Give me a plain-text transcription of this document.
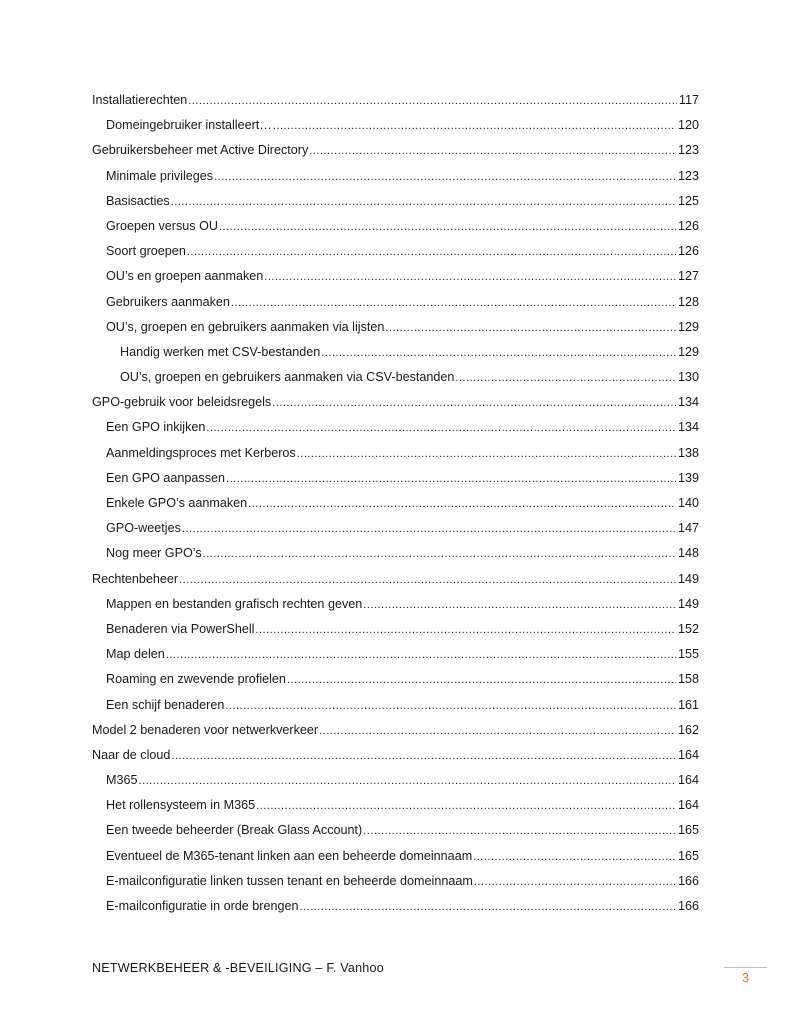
Installatierechten .....	117
Domeingebruiker installeert… .....	120
Gebruikersbeheer met Active Directory .....	123
Minimale privileges .....	123
Basisacties .....	125
Groepen versus OU .....	126
Soort groepen .....	126
OU’s en groepen aanmaken .....	127
Gebruikers aanmaken .....	128
OU’s, groepen en gebruikers aanmaken via lijsten .....	129
Handig werken met CSV-bestanden .....	129
OU’s, groepen en gebruikers aanmaken via CSV-bestanden .....	130
GPO-gebruik voor beleidsregels .....	134
Een GPO inkijken .....	134
Aanmeldingsproces met Kerberos .....	138
Een GPO aanpassen .....	139
Enkele GPO’s aanmaken .....	140
GPO-weetjes .....	147
Nog meer GPO’s .....	148
Rechtenbeheer .....	149
Mappen en bestanden grafisch rechten geven .....	149
Benaderen via PowerShell .....	152
Map delen .....	155
Roaming en zwevende profielen .....	158
Een schijf benaderen .....	161
Model 2 benaderen voor netwerkverkeer .....	162
Naar de cloud .....	164
M365 .....	164
Het rollensysteem in M365 .....	164
Een tweede beheerder (Break Glass Account) .....	165
Eventueel de M365-tenant linken aan een beheerde domeinnaam .....	165
E-mailconfiguratie linken tussen tenant en beheerde domeinnaam .....	166
E-mailconfiguratie in orde brengen .....	166
NETWERKBEHEER & -BEVEILIGING – F. Vanhoo
3
